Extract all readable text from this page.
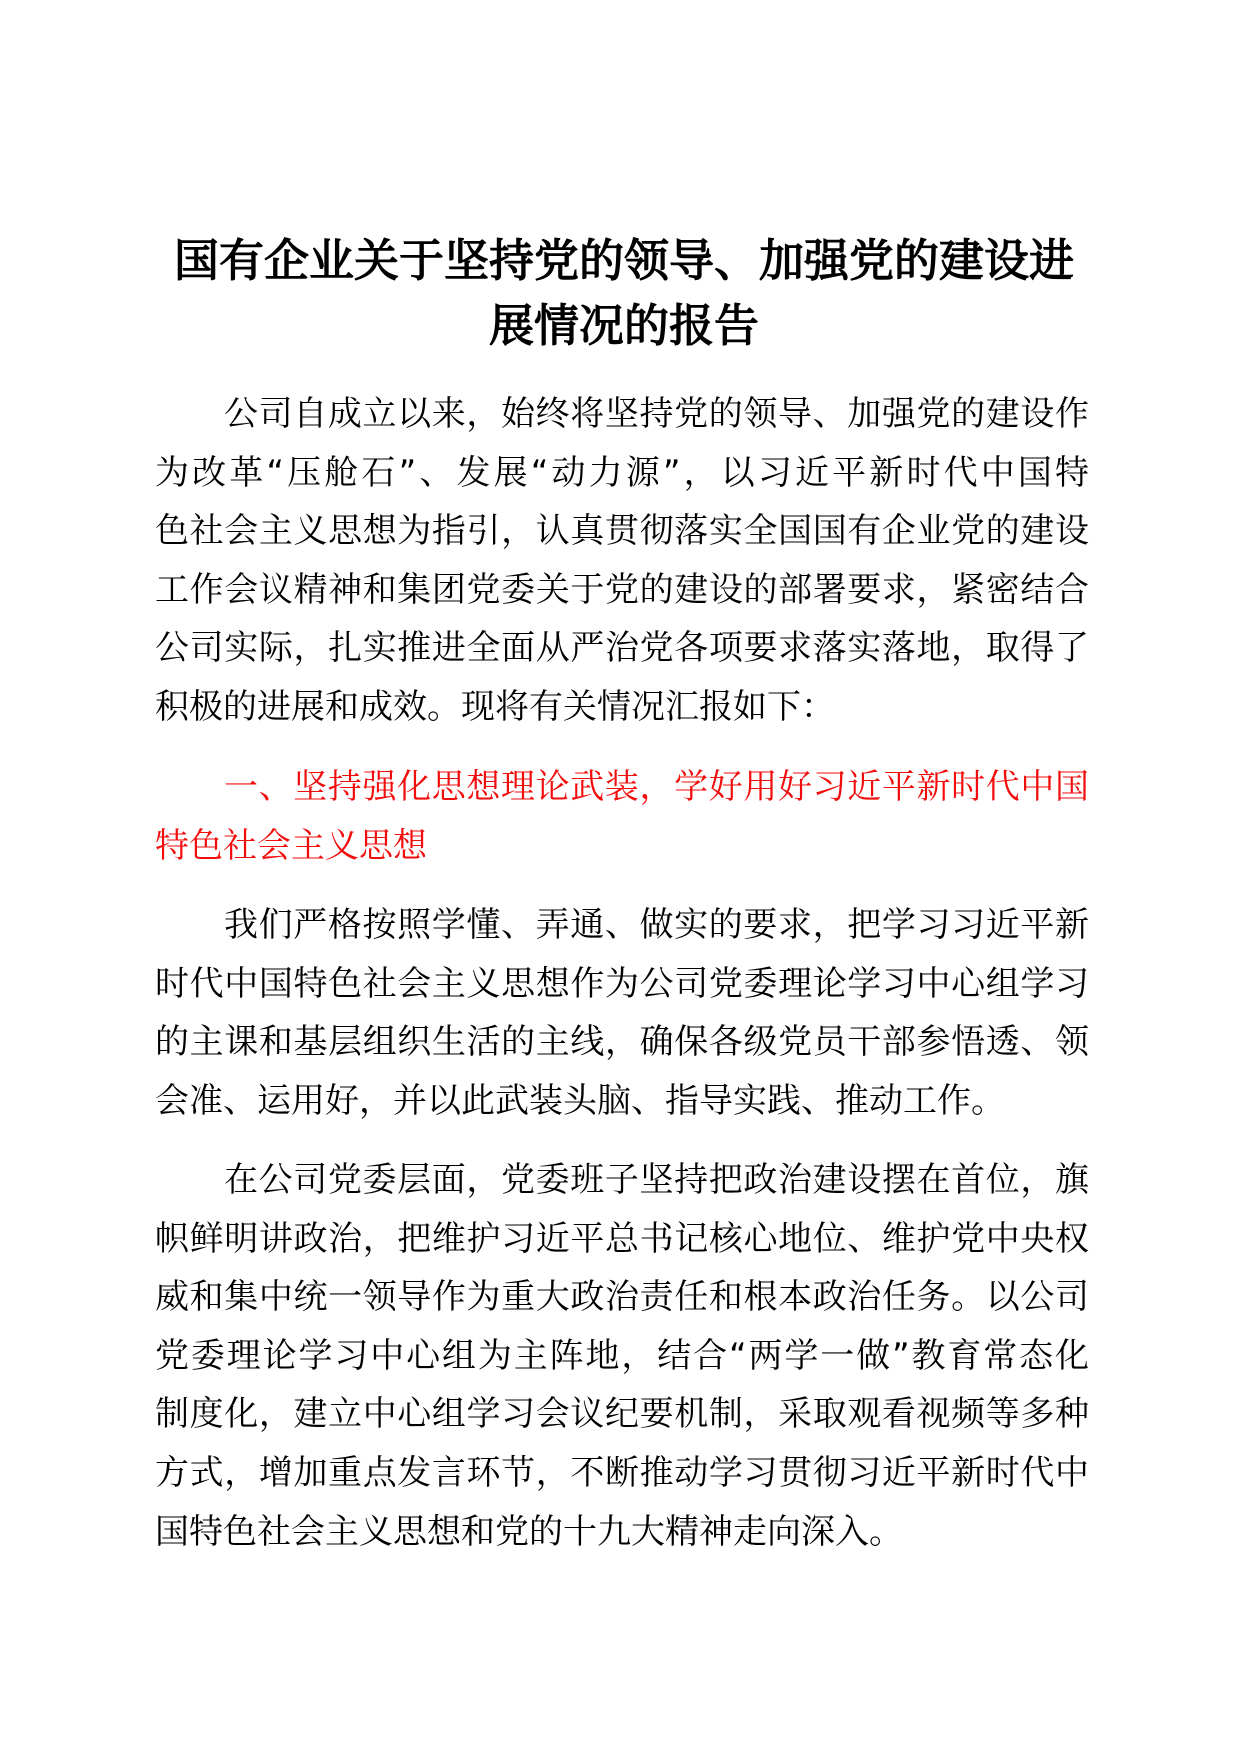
国有企业关于坚持党的领导、加强党的建设进
展情况的报告
公司自成立以来，始终将坚持党的领导、加强党的建设作
为改革“压舱石”、发展“动力源”，以习近平新时代中国特
色社会主义思想为指引，认真贯彻落实全国国有企业党的建设
工作会议精神和集团党委关于党的建设的部署要求，紧密结合
公司实际，扎实推进全面从严治党各项要求落实落地，取得了
积极的进展和成效。现将有关情况汇报如下：
一、坚持强化思想理论武装，学好用好习近平新时代中国
特色社会主义思想
我们严格按照学懂、弄通、做实的要求，把学习习近平新
时代中国特色社会主义思想作为公司党委理论学习中心组学习
的主课和基层组织生活的主线，确保各级党员干部参悟透、领
会准、运用好，并以此武装头脑、指导实践、推动工作。
在公司党委层面，党委班子坚持把政治建设摆在首位，旗
帜鲜明讲政治，把维护习近平总书记核心地位、维护党中央权
威和集中统一领导作为重大政治责任和根本政治任务。以公司
党委理论学习中心组为主阵地，结合“两学一做”教育常态化
制度化，建立中心组学习会议纪要机制，采取观看视频等多种
方式，增加重点发言环节，不断推动学习贯彻习近平新时代中
国特色社会主义思想和党的十九大精神走向深入。
